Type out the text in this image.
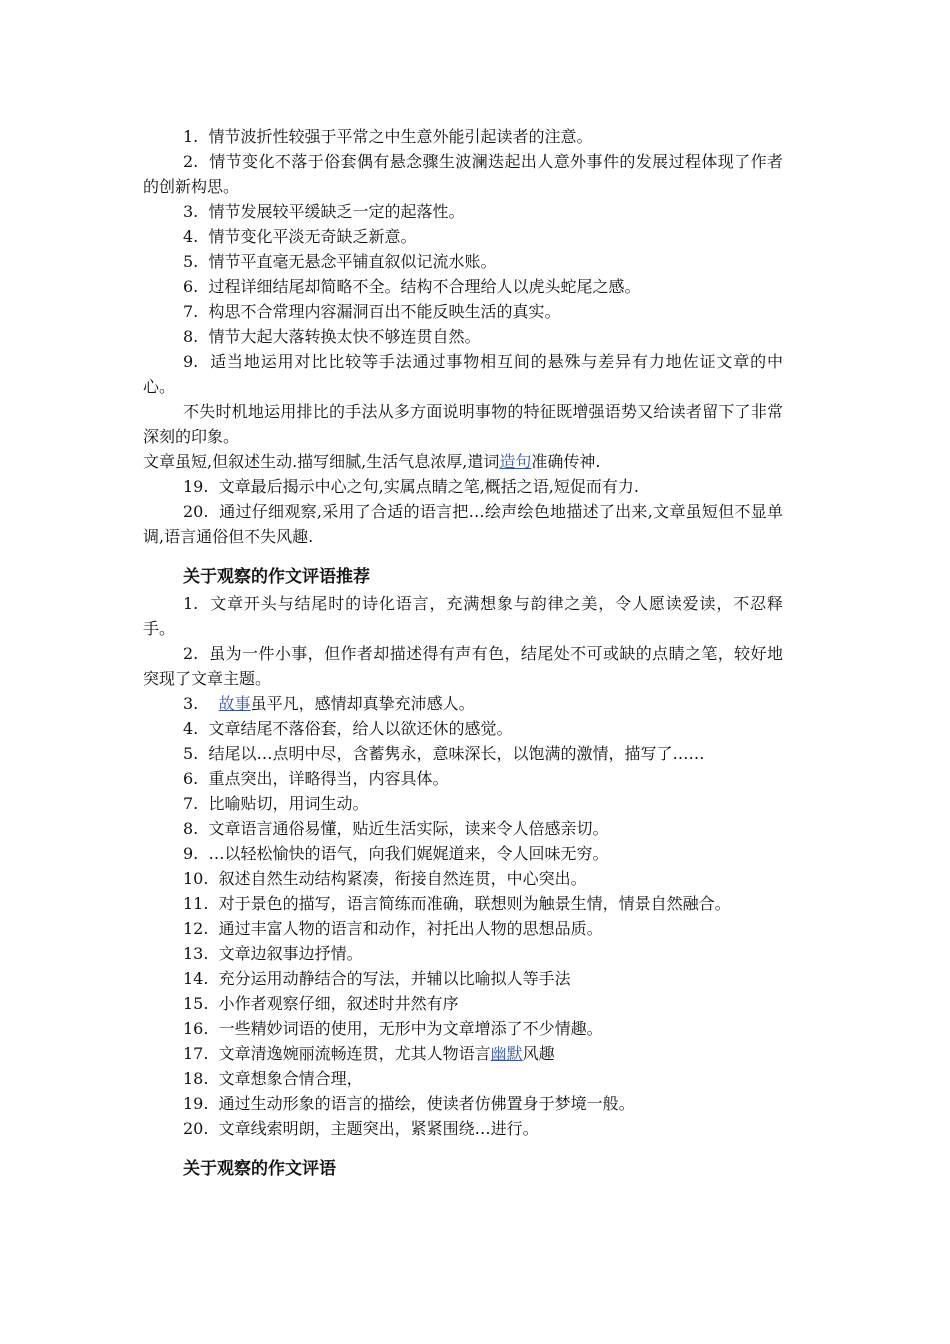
1. 情节波折性较强于平常之中生意外能引起读者的注意。

2. 情节变化不落于俗套偶有悬念骤生波澜迭起出人意外事件的发展过程体现了作者的创新构思。

3. 情节发展较平缓缺乏一定的起落性。

4. 情节变化平淡无奇缺乏新意。

5. 情节平直毫无悬念平铺直叙似记流水账。

6. 过程详细结尾却简略不全。结构不合理给人以虎头蛇尾之感。

7. 构思不合常理内容漏洞百出不能反映生活的真实。

8. 情节大起大落转换太快不够连贯自然。

9. 适当地运用对比比较等手法通过事物相互间的悬殊与差异有力地佐证文章的中心。

不失时机地运用排比的手法从多方面说明事物的特征既增强语势又给读者留下了非常深刻的印象。

文章虽短,但叙述生动.描写细腻,生活气息浓厚,遣词造句准确传神.

19. 文章最后揭示中心之句,实属点睛之笔,概括之语,短促而有力.

20. 通过仔细观察,采用了合适的语言把…绘声绘色地描述了出来,文章虽短但不显单调,语言通俗但不失风趣.

关于观察的作文评语推荐

1. 文章开头与结尾时的诗化语言，充满想象与韵律之美，令人愿读爱读，不忍释手。

2. 虽为一件小事，但作者却描述得有声有色，结尾处不可或缺的点睛之笔，较好地突现了文章主题。

3. 故事虽平凡，感情却真挚充沛感人。

4. 文章结尾不落俗套，给人以欲还休的感觉。

5. 结尾以…点明中尽，含蓄隽永，意味深长，以饱满的激情，描写了……

6. 重点突出，详略得当，内容具体。

7. 比喻贴切，用词生动。

8. 文章语言通俗易懂，贴近生活实际，读来令人倍感亲切。

9. …以轻松愉快的语气，向我们娓娓道来，令人回味无穷。

10. 叙述自然生动结构紧凑，衔接自然连贯，中心突出。

11. 对于景色的描写，语言简练而准确，联想则为触景生情，情景自然融合。

12. 通过丰富人物的语言和动作，衬托出人物的思想品质。

13. 文章边叙事边抒情。

14. 充分运用动静结合的写法，并辅以比喻拟人等手法

15. 小作者观察仔细，叙述时井然有序

16. 一些精妙词语的使用，无形中为文章增添了不少情趣。

17. 文章清逸婉丽流畅连贯，尤其人物语言幽默风趣

18. 文章想象合情合理，

19. 通过生动形象的语言的描绘，使读者仿佛置身于梦境一般。

20. 文章线索明朗，主题突出，紧紧围绕…进行。

关于观察的作文评语
